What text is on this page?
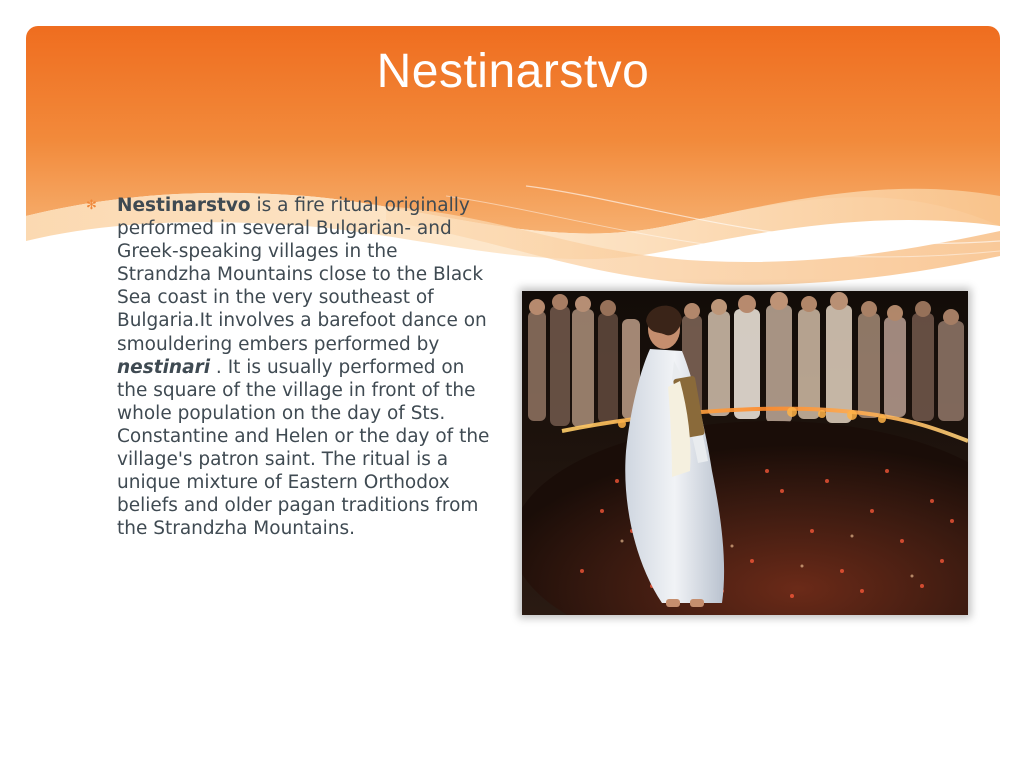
Nestinarstvo
✻ Nestinarstvo is a fire ritual originally performed in several Bulgarian- and Greek-speaking villages in the Strandzha Mountains close to the Black Sea coast in the very southeast of Bulgaria.It involves a barefoot dance on smouldering embers performed by nestinari . It is usually performed on the square of the village in front of the whole population on the day of Sts. Constantine and Helen or the day of the village's patron saint. The ritual is a unique mixture of Eastern Orthodox beliefs and older pagan traditions from the Strandzha Mountains.
